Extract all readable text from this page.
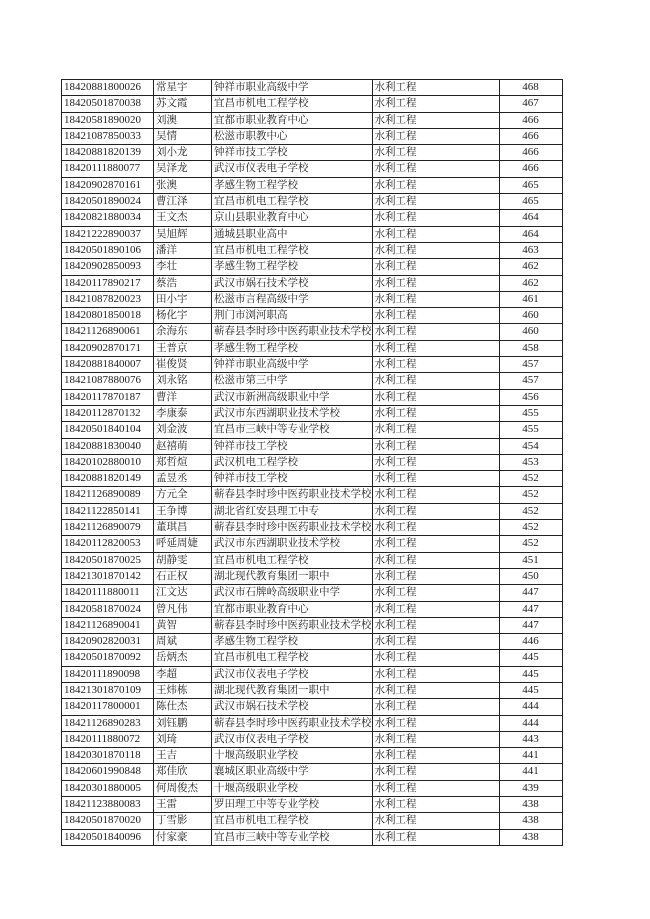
18420881800026	常星宇	钟祥市职业高级中学	水利工程	468
18420501870038	苏文霞	宜昌市机电工程学校	水利工程	467
18420581890020	刘澳	宜都市职业教育中心	水利工程	466
18421087850033	吴情	松滋市职教中心	水利工程	466
18420881820139	刘小龙	钟祥市技工学校	水利工程	466
18420111880077	吴泽龙	武汉市仪表电子学校	水利工程	466
18420902870161	张澳	孝感生物工程学校	水利工程	465
18420501890024	曹江泽	宜昌市机电工程学校	水利工程	465
18420821880034	王文杰	京山县职业教育中心	水利工程	464
18421222890037	吴旭辉	通城县职业高中	水利工程	464
18420501890106	潘洋	宜昌市机电工程学校	水利工程	463
18420902850093	李壮	孝感生物工程学校	水利工程	462
18420117890217	蔡浩	武汉市娲石技术学校	水利工程	462
18421087820023	田小宇	松滋市言程高级中学	水利工程	461
18420801850018	杨化宇	荆门市浏河职高	水利工程	460
18421126890061	余海东	蕲春县李时珍中医药职业技术学校	水利工程	460
18420902870171	王普京	孝感生物工程学校	水利工程	458
18420881840007	崔俊贤	钟祥市职业高级中学	水利工程	457
18421087880076	刘永铭	松滋市第三中学	水利工程	457
18420117870187	曹洋	武汉市新洲高级职业中学	水利工程	456
18420112870132	李康泰	武汉市东西湖职业技术学校	水利工程	455
18420501840104	刘金波	宜昌市三峡中等专业学校	水利工程	455
18420881830040	赵禧萌	钟祥市技工学校	水利工程	454
18420102880010	郑哲煊	武汉机电工程学校	水利工程	453
18420881820149	孟昱丞	钟祥市技工学校	水利工程	452
18421126890089	方元全	蕲春县李时珍中医药职业技术学校	水利工程	452
18421122850141	王争博	湖北省红安县理工中专	水利工程	452
18421126890079	董琪昌	蕲春县李时珍中医药职业技术学校	水利工程	452
18420112820053	呼延周婕	武汉市东西湖职业技术学校	水利工程	452
18420501870025	胡静雯	宜昌市机电工程学校	水利工程	451
18421301870142	石正权	湖北现代教育集团一职中	水利工程	450
18420111880011	江文达	武汉市石牌岭高级职业中学	水利工程	447
18420581870024	曾凡伟	宜都市职业教育中心	水利工程	447
18421126890041	黄智	蕲春县李时珍中医药职业技术学校	水利工程	447
18420902820031	周斌	孝感生物工程学校	水利工程	446
18420501870092	岳炳杰	宜昌市机电工程学校	水利工程	445
18420111890098	李超	武汉市仪表电子学校	水利工程	445
18421301870109	王炜栋	湖北现代教育集团一职中	水利工程	445
18420117800001	陈仕杰	武汉市娲石技术学校	水利工程	444
18421126890283	刘钰鹏	蕲春县李时珍中医药职业技术学校	水利工程	444
18420111880072	刘琦	武汉市仪表电子学校	水利工程	443
18420301870118	王吉	十堰高级职业学校	水利工程	441
18420601990848	郑佳欣	襄城区职业高级中学	水利工程	441
18420301880005	何周俊杰	十堰高级职业学校	水利工程	439
18421123880083	王雷	罗田理工中等专业学校	水利工程	438
18420501870020	丁雪影	宜昌市机电工程学校	水利工程	438
18420501840096	付家豪	宜昌市三峡中等专业学校	水利工程	438
